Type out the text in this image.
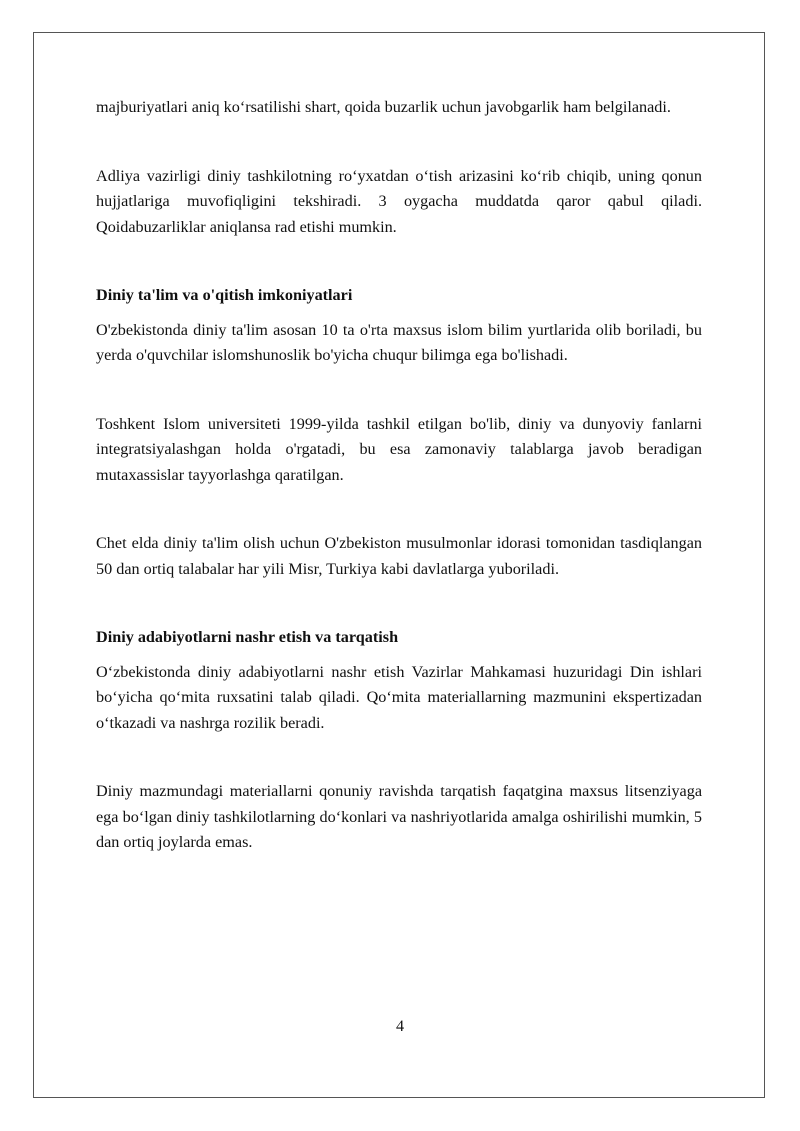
majburiyatlari aniq ko‘rsatilishi shart, qoida buzarlik uchun javobgarlik ham belgilanadi.

Adliya vazirligi diniy tashkilotning ro‘yxatdan o‘tish arizasini ko‘rib chiqib, uning qonun hujjatlariga muvofiqligini tekshiradi. 3 oygacha muddatda qaror qabul qiladi. Qoidabuzarliklar aniqlansa rad etishi mumkin.

Diniy ta'lim va o'qitish imkoniyatlari

O'zbekistonda diniy ta'lim asosan 10 ta o'rta maxsus islom bilim yurtlarida olib boriladi, bu yerda o'quvchilar islomshunoslik bo'yicha chuqur bilimga ega bo'lishadi.

Toshkent Islom universiteti 1999-yilda tashkil etilgan bo'lib, diniy va dunyoviy fanlarni integratsiyalashgan holda o'rgatadi, bu esa zamonaviy talablarga javob beradigan mutaxassislar tayyorlashga qaratilgan.

Chet elda diniy ta'lim olish uchun O'zbekiston musulmonlar idorasi tomonidan tasdiqlangan 50 dan ortiq talabalar har yili Misr, Turkiya kabi davlatlarga yuboriladi.

Diniy adabiyotlarni nashr etish va tarqatish

O‘zbekistonda diniy adabiyotlarni nashr etish Vazirlar Mahkamasi huzuridagi Din ishlari bo‘yicha qo‘mita ruxsatini talab qiladi. Qo‘mita materiallarning mazmunini ekspertizadan o‘tkazadi va nashrga rozilik beradi.

Diniy mazmundagi materiallarni qonuniy ravishda tarqatish faqatgina maxsus litsenziyaga ega bo‘lgan diniy tashkilotlarning do‘konlari va nashriyotlarida amalga oshirilishi mumkin, 5 dan ortiq joylarda emas.

4
